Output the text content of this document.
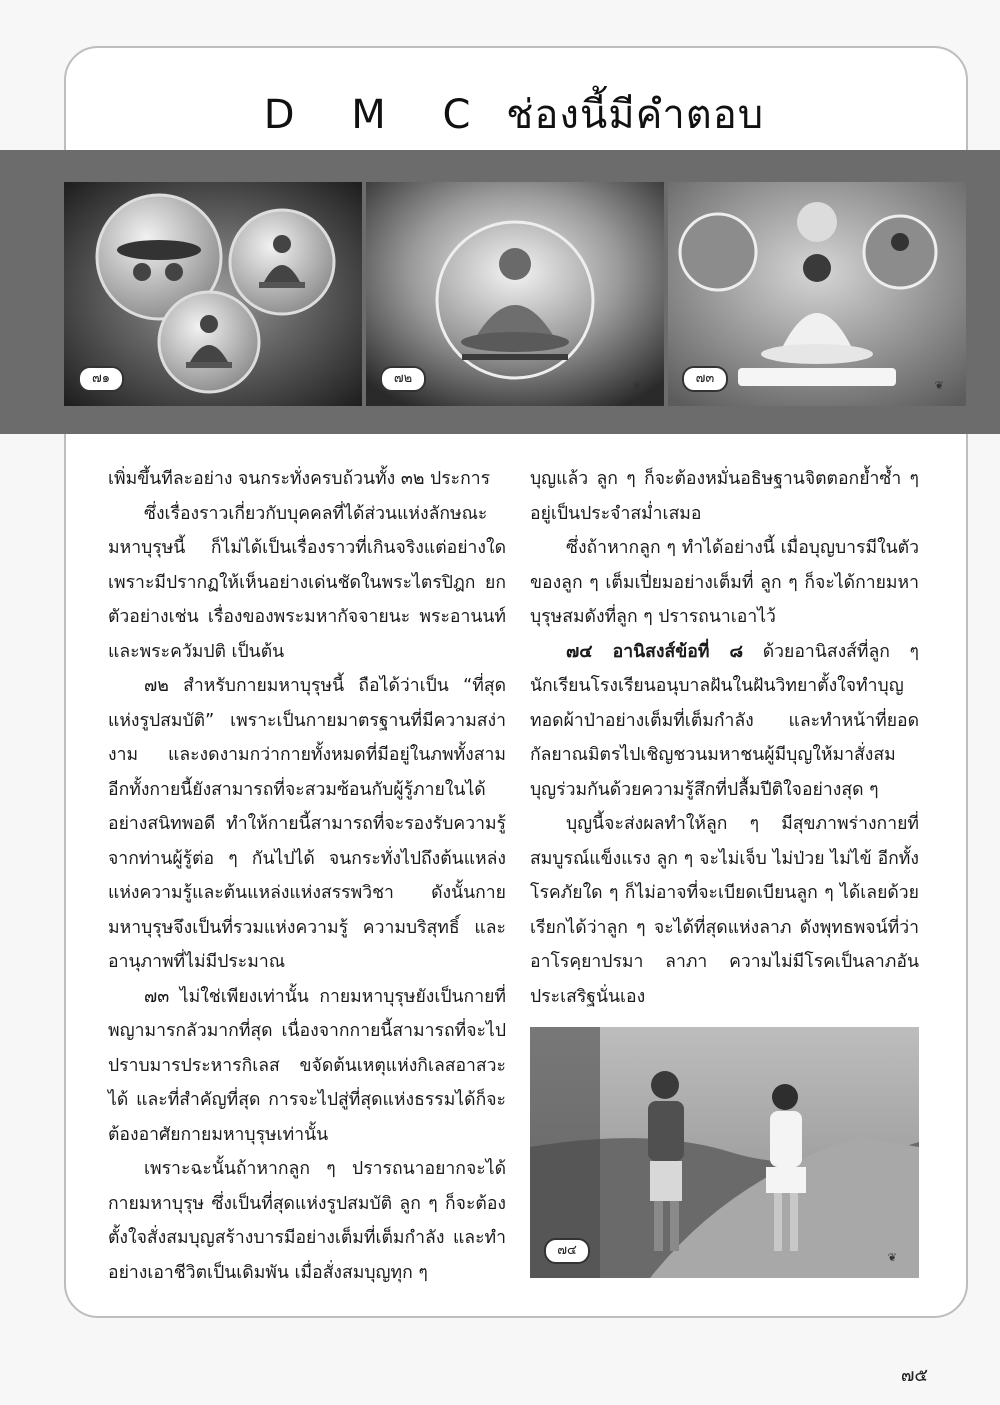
D M C ช่องนี้มีคำตอบ
๗๑	❦	๗๒	❦	๗๓	❦

เพิ่มขึ้นทีละอย่าง จนกระทั่งครบถ้วนทั้ง ๓๒ ประการ

ซึ่งเรื่องราวเกี่ยวกับบุคคลที่ได้ส่วนแห่งลักษณะมหาบุรุษนี้ ก็ไม่ได้เป็นเรื่องราวที่เกินจริงแต่อย่างใด เพราะมีปรากฏให้เห็นอย่างเด่นชัดในพระไตรปิฎก ยกตัวอย่างเช่น เรื่องของพระมหากัจจายนะ พระอานนท์ และพระควัมปติ เป็นต้น

๗๒ สำหรับกายมหาบุรุษนี้ ถือได้ว่าเป็น “ที่สุดแห่งรูปสมบัติ” เพราะเป็นกายมาตรฐานที่มีความสง่างาม และงดงามกว่ากายทั้งหมดที่มีอยู่ในภพทั้งสาม อีกทั้งกายนี้ยังสามารถที่จะสวมซ้อนกับผู้รู้ภายในได้อย่างสนิทพอดี ทำให้กายนี้สามารถที่จะรองรับความรู้จากท่านผู้รู้ต่อ ๆ กันไปได้ จนกระทั่งไปถึงต้นแหล่งแห่งความรู้และต้นแหล่งแห่งสรรพวิชา ดังนั้นกายมหาบุรุษจึงเป็นที่รวมแห่งความรู้ ความบริสุทธิ์ และอานุภาพที่ไม่มีประมาณ

๗๓ ไม่ใช่เพียงเท่านั้น กายมหาบุรุษยังเป็นกายที่พญามารกลัวมากที่สุด เนื่องจากกายนี้สามารถที่จะไปปราบมารประหารกิเลส ขจัดต้นเหตุแห่งกิเลสอาสวะได้ และที่สำคัญที่สุด การจะไปสู่ที่สุดแห่งธรรมได้ก็จะต้องอาศัยกายมหาบุรุษเท่านั้น

เพราะฉะนั้นถ้าหากลูก ๆ ปรารถนาอยากจะได้กายมหาบุรุษ ซึ่งเป็นที่สุดแห่งรูปสมบัติ ลูก ๆ ก็จะต้องตั้งใจสั่งสมบุญสร้างบารมีอย่างเต็มที่เต็มกำลัง และทำอย่างเอาชีวิตเป็นเดิมพัน เมื่อสั่งสมบุญทุก ๆ

บุญแล้ว ลูก ๆ ก็จะต้องหมั่นอธิษฐานจิตตอกย้ำซ้ำ ๆ อยู่เป็นประจำสม่ำเสมอ

ซึ่งถ้าหากลูก ๆ ทำได้อย่างนี้ เมื่อบุญบารมีในตัวของลูก ๆ เต็มเปี่ยมอย่างเต็มที่ ลูก ๆ ก็จะได้กายมหาบุรุษสมดังที่ลูก ๆ ปรารถนาเอาไว้

๗๔ อานิสงส์ข้อที่ ๘ ด้วยอานิสงส์ที่ลูก ๆ นักเรียนโรงเรียนอนุบาลฝันในฝันวิทยาตั้งใจทำบุญทอดผ้าป่าอย่างเต็มที่เต็มกำลัง และทำหน้าที่ยอดกัลยาณมิตรไปเชิญชวนมหาชนผู้มีบุญให้มาสั่งสมบุญร่วมกันด้วยความรู้สึกที่ปลื้มปีติใจอย่างสุด ๆ

บุญนี้จะส่งผลทำให้ลูก ๆ มีสุขภาพร่างกายที่สมบูรณ์แข็งแรง ลูก ๆ จะไม่เจ็บ ไม่ป่วย ไม่ไข้ อีกทั้งโรคภัยใด ๆ ก็ไม่อาจที่จะเบียดเบียนลูก ๆ ได้เลยด้วย เรียกได้ว่าลูก ๆ จะได้ที่สุดแห่งลาภ ดังพุทธพจน์ที่ว่า อาโรคฺยาปรมา ลาภา ความไม่มีโรคเป็นลาภอันประเสริฐนั่นเอง

๗๔	❦
๗๕
